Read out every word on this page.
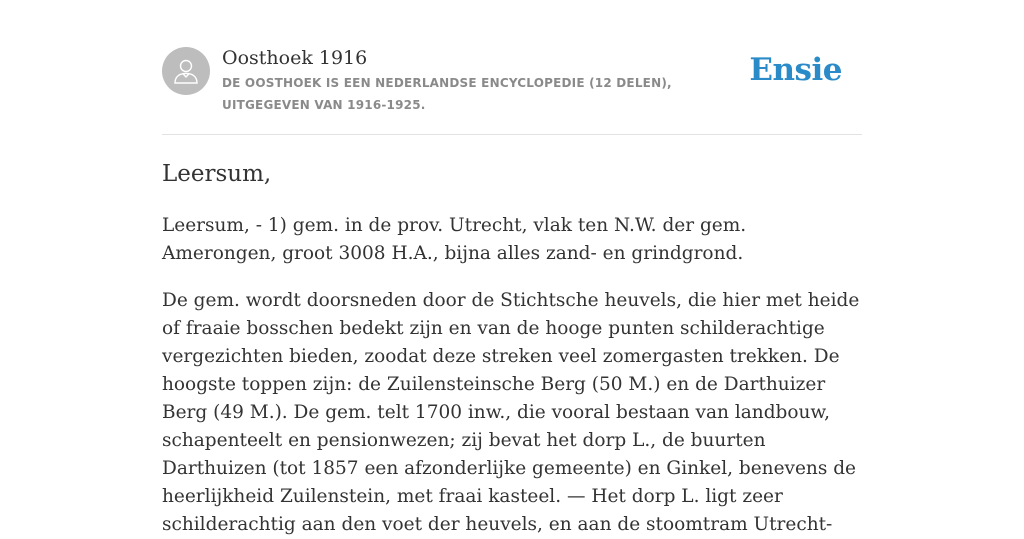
Oosthoek 1916
DE OOSTHOEK IS EEN NEDERLANDSE ENCYCLOPEDIE (12 DELEN), UITGEGEVEN VAN 1916-1925.
Ensie
Leersum,

Leersum, - 1) gem. in de prov. Utrecht, vlak ten N.W. der gem. Amerongen, groot 3008 H.A., bijna alles zand- en grindgrond.

De gem. wordt doorsneden door de Stichtsche heuvels, die hier met heide of fraaie bosschen bedekt zijn en van de hooge punten schilderachtige vergezichten bieden, zoodat deze streken veel zomergasten trekken. De hoogste toppen zijn: de Zuilensteinsche Berg (50 M.) en de Darthuizer Berg (49 M.). De gem. telt 1700 inw., die vooral bestaan van landbouw, schapenteelt en pensionwezen; zij bevat het dorp L., de buurten Darthuizen (tot 1857 een afzonderlijke gemeente) en Ginkel, benevens de heerlijkheid Zuilenstein, met fraai kasteel. — Het dorp L. ligt zeer schilderachtig aan den voet der heuvels, en aan de stoomtram Utrecht-
